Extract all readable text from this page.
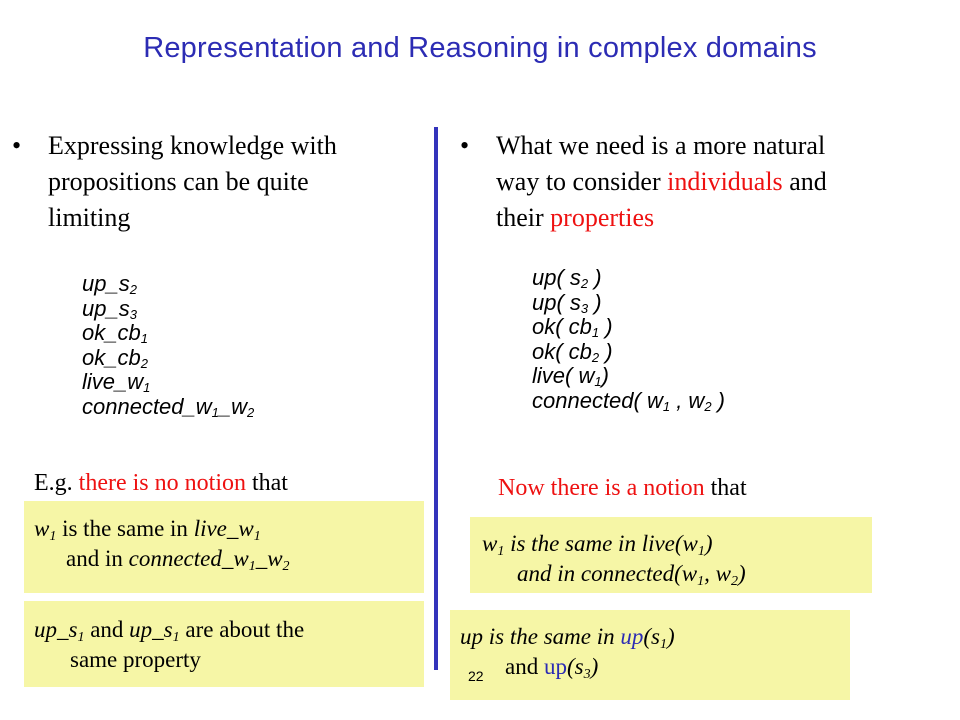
Representation and Reasoning in complex domains
• Expressing knowledge with
propositions can be quite
limiting
$up\_s_2$
$up\_s_3$
$ok\_cb_1$
$ok\_cb_2$
$live\_w_1$
$connected\_w_1\_w_2$
E.g. there is no notion that
$w_1$ is the same in $live\_w_1$
and in $connected\_w_1\_w_2$
$up\_s_1$ and $up\_s_1$ are about the
same property
• What we need is a more natural
way to consider individuals and
their properties
up( $s_2$ )
up( $s_3$ )
ok( $cb_1$ )
ok( $cb_2$ )
live( $w_1$)
connected( $w_1$ , $w_2$ )
Now there is a notion that
$w_1$ is the same in $live(w_1)$
and in $connected(w_1$, $w_2$)
up is the same in $up(s_1)$
and $up(s_3)$
22
